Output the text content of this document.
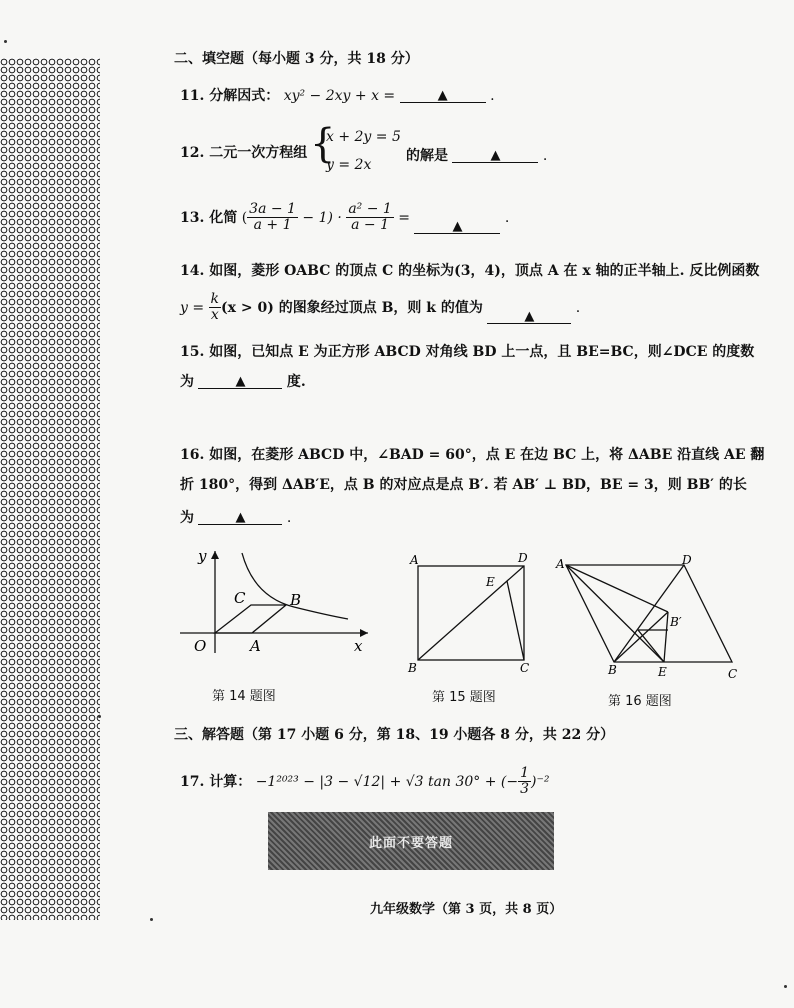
二、填空题（每小题 3 分，共 18 分）
11. 分解因式： xy² − 2xy + x =	▲	.
12. 二元一次方程组 {
x + 2y = 5
y = 2x
的解是	▲	.
13. 化简 ( $\frac{3a - 1}{a + 1} - 1) \cdot \frac{\text{a² − 1}}{a - 1}$ = ▲ .
14. 如图，菱形 OABC 的顶点 C 的坐标为(3，4)，顶点 A 在 x 轴的正半轴上. 反比例函数
$y = \frac{k}{x} (x > 0)$ 的图象经过顶点 B，则 k 的值为 ▲ .
15. 如图，已知点 E 为正方形 ABCD 对角线 BD 上一点，且 BE=BC，则∠DCE 的度数
为	▲	度.
16. 如图，在菱形 ABCD 中，∠BAD = 60°，点 E 在边 BC 上，将 ΔABE 沿直线 AE 翻
折 180°，得到 ΔAB′E，点 B 的对应点是点 B′. 若 AB′ ⊥ BD，BE = 3，则 BB′ 的长
为	▲	.
y
x
O	A
B
C
第 14 题图
A	D
E
B	C
第 15 题图
A	D
B′
B	E	C
第 16 题图
三、解答题（第 17 小题 6 分，第 18、19 小题各 8 分，共 22 分）
17. 计算： −1²⁰²³ − |3 − √12| + √3 tan 30° + (− $\frac{1}{3} )^{-2}$
此面不要答题
九年级数学（第 3 页，共 8 页）
